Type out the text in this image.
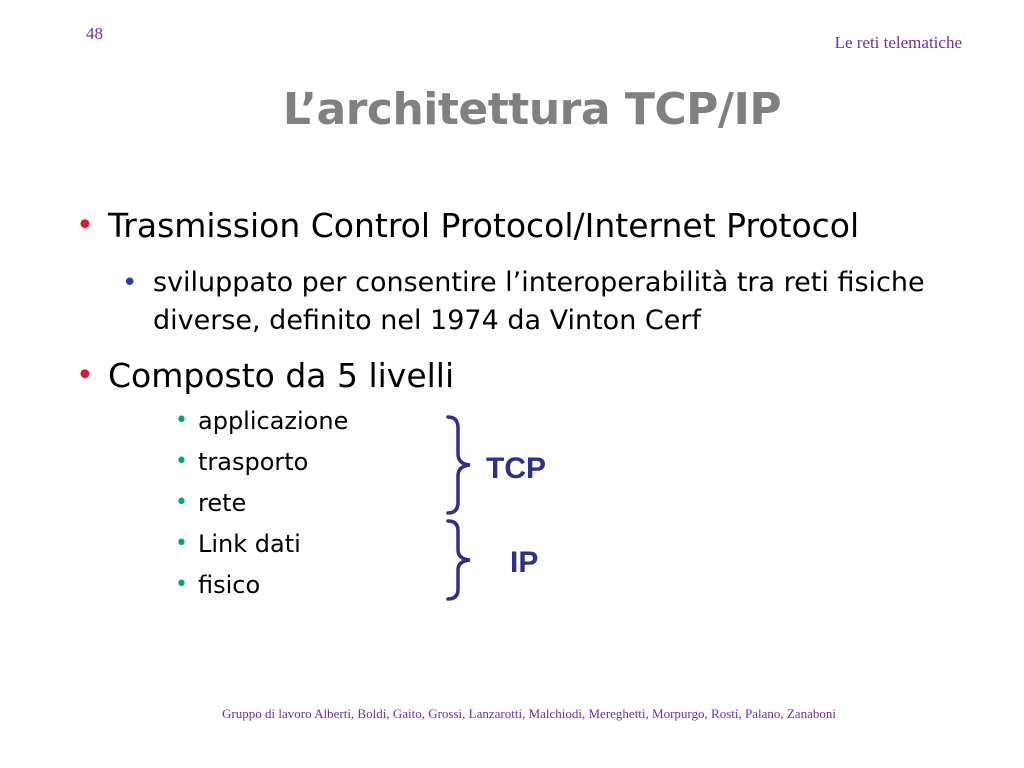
48	Le reti telematiche
L’architettura TCP/IP
• Trasmission Control Protocol/Internet Protocol
• sviluppato per consentire l’interoperabilità tra reti fisiche diverse, definito nel 1974 da Vinton Cerf
• Composto da 5 livelli
• applicazione
• trasporto
• rete
• Link dati
• fisico
TCP
IP
Gruppo di lavoro Alberti, Boldi, Gaito, Grossi, Lanzarotti, Malchiodi, Mereghetti, Morpurgo, Rosti, Palano, Zanaboni
